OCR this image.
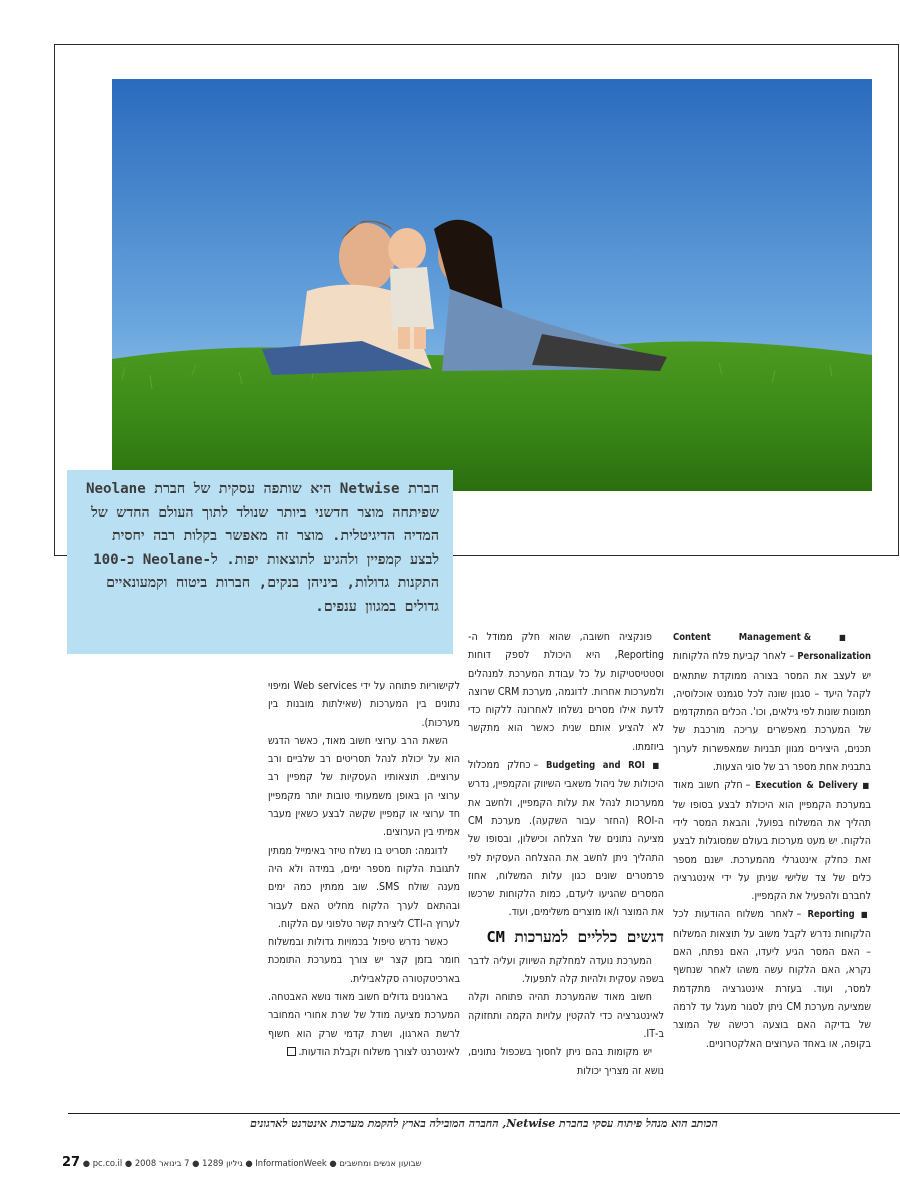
חברת Netwise היא שותפה עסקית של חברת Neolane שפיתחה מוצר חדשני ביותר שנולד לתוך העולם החדש של המדיה הדיגיטלית. מוצר זה מאפשר בקלות רבה יחסית לבצע קמפיין ולהגיע לתוצאות יפות. ל-Neolane כ-100 התקנות גדולות, ביניהן בנקים, חברות ביטוח וקמעונאיים גדולים במגוון ענפים.

■ Content Management & Personalization – לאחר קביעת פלח הלקוחות יש לעצב את המסר בצורה ממוקדת שתתאים לקהל היעד – סגנון שונה לכל סגמנט אוכלוסיה, תמונות שונות לפי גילאים, וכו'. הכלים המתקדמים של המערכת מאפשרים עריכה מורכבת של תכנים, היצירים מגוון תבניות שמאפשרות לערוך בתבנית אחת מספר רב של סוגי הצעות.

■ Execution & Delivery – חלק חשוב מאוד במערכת הקמפיין הוא היכולת לבצע בסופו של תהליך את המשלוח בפועל, והבאת המסר לידי הלקוח. יש מעט מערכות בעולם שמסוגלות לבצע זאת כחלק אינטגרלי מהמערכת. ישנם מספר כלים של צד שלישי שניתן על ידי אינטגרציה לחברם ולהפעיל את הקמפיין.

■ Reporting – לאחר משלוח ההודעות לכל הלקוחות נדרש לקבל משוב על תוצאות המשלוח – האם המסר הגיע ליעדו, האם נפתח, האם נקרא, האם הלקוח עשה משהו לאחר שנחשף למסר, ועוד. בעזרת אינטגרציה מתקדמת שמציעה מערכת CM ניתן לסגור מעגל עד לרמה של בדיקה האם בוצעה רכישה של המוצר בקופה, או באחד הערוצים האלקטרוניים.

פונקציה חשובה, שהוא חלק ממודל ה-Reporting, היא היכולת לספק דוחות וסטטיסטיקות על כל עבודת המערכת למנהלים ולמערכות אחרות. לדוגמה, מערכת CRM שרוצה לדעת אילו מסרים נשלחו לאחרונה ללקוח כדי לא להציע אותם שנית כאשר הוא מתקשר ביוזמתו.

■ Budgeting and ROI – כחלק ממכלול היכולות של ניהול משאבי השיווק והקמפיין, נדרש ממערכות לנהל את עלות הקמפיין, ולחשב את ה-ROI (החזר עבור השקעה). מערכת CM מציעה נתונים של הצלחה וכישלון, ובסופו של התהליך ניתן לחשב את ההצלחה העסקית לפי פרמטרים שונים כגון עלות המשלוח, אחוז המסרים שהגיעו ליעדם, כמות הלקוחות שרכשו את המוצר ו/או מוצרים משלימים, ועוד.

דגשים כלליים למערכות CM

המערכת נועדה למחלקת השיווק ועליה לדבר בשפה עסקית ולהיות קלה לתפעול.

חשוב מאוד שהמערכת תהיה פתוחה וקלה לאינטגרציה כדי להקטין עלויות הקמה ותחזוקה ב-IT.

יש מקומות בהם ניתן לחסוך בשכפול נתונים, נושא זה מצריך יכולות

לקישוריות פתוחה על ידי Web services ומיפוי נתונים בין המערכות (שאילתות מובנות בין מערכות).

השאת הרב ערוצי חשוב מאוד, כאשר הדגש הוא על יכולת לנהל תסריטים רב שלביים ורב ערוציים. תוצאותיו העסקיות של קמפיין רב ערוצי הן באופן משמעותי טובות יותר מקמפיין חד ערוצי או קמפיין שקשה לבצע כשאין מעבר אמיתי בין הערוצים.

לדוגמה: תסריט בו נשלח טיזר באימייל ממתין לתגובת הלקוח מספר ימים, במידה ולא היה מענה שולח SMS. שוב ממתין כמה ימים ובהתאם לערך הלקוח מחליט האם לעבור לערוץ ה-CTI ליצירת קשר טלפוני עם הלקוח.

כאשר נדרש טיפול בכמויות גדולות ובמשלוח חומר בזמן קצר יש צורך במערכת התומכת בארכיטקטורה סקלאבילית.

בארגונים גדולים חשוב מאוד נושא האבטחה. המערכת מציעה מודל של שרת אחורי המחובר לרשת הארגון, ושרת קדמי שרק הוא חשוף לאינטרנט לצורך משלוח וקבלת הודעות.

הכותב הוא מנהל פיתוח עסקי בחברת Netwise, החברה המובילה בארץ להקמת מערכות אינטרנט לארגונים
27 ● pc.co.il ● 2008 גיליון 1289 ● 7 בינואר ● InformationWeek ● שבועון אנשים ומחשבים
